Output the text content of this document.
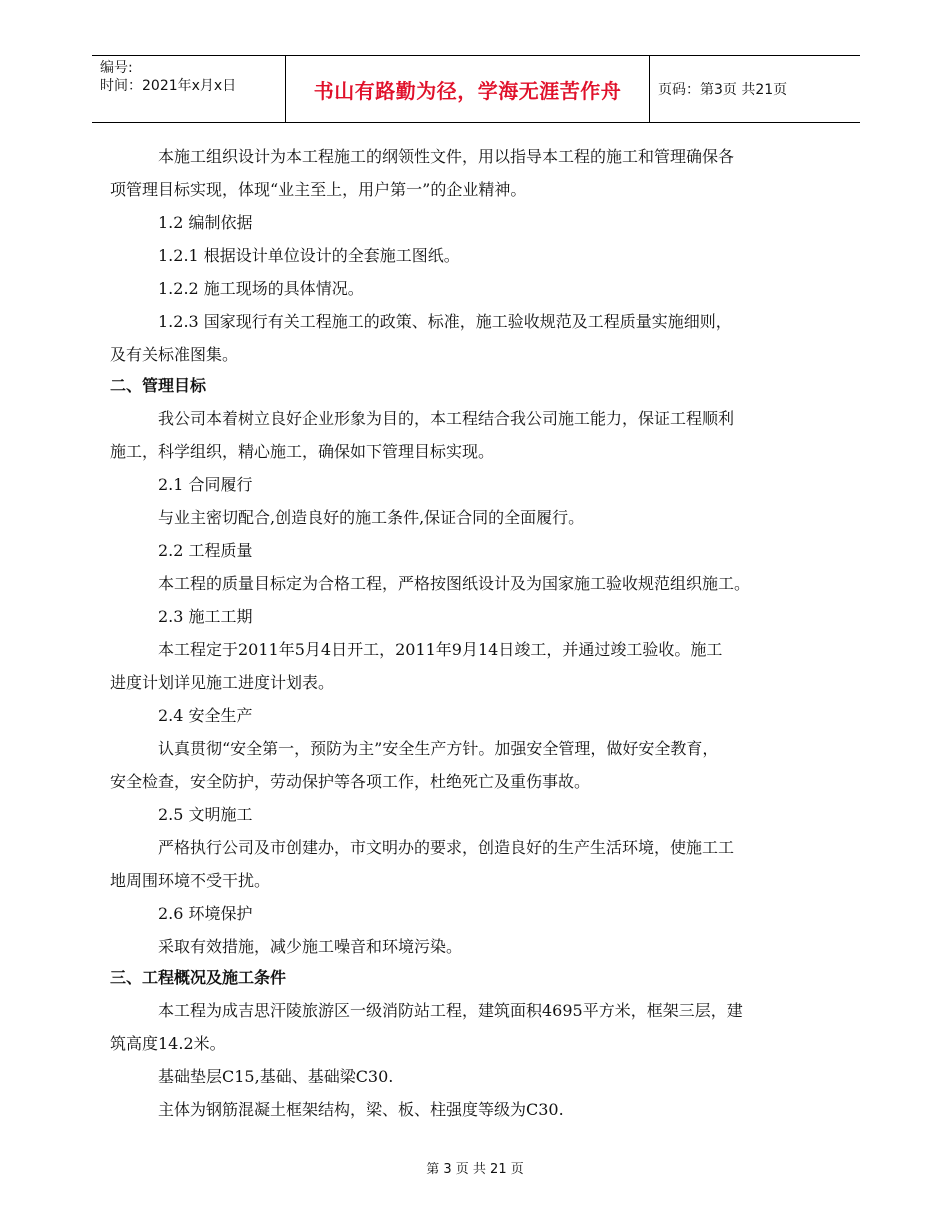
编号:
时间：2021年x月x日	书山有路勤为径，学海无涯苦作舟	页码：第3页 共21页
本施工组织设计为本工程施工的纲领性文件，用以指导本工程的施工和管理确保各
项管理目标实现，体现“业主至上，用户第一”的企业精神。
1.2 编制依据
1.2.1 根据设计单位设计的全套施工图纸。
1.2.2 施工现场的具体情况。
1.2.3 国家现行有关工程施工的政策、标准，施工验收规范及工程质量实施细则，
及有关标准图集。
二、管理目标
我公司本着树立良好企业形象为目的，本工程结合我公司施工能力，保证工程顺利
施工，科学组织，精心施工，确保如下管理目标实现。
2.1 合同履行
与业主密切配合,创造良好的施工条件,保证合同的全面履行。
2.2 工程质量
本工程的质量目标定为合格工程，严格按图纸设计及为国家施工验收规范组织施工。
2.3 施工工期
本工程定于2011年5月4日开工，2011年9月14日竣工，并通过竣工验收。施工
进度计划详见施工进度计划表。
2.4 安全生产
认真贯彻“安全第一，预防为主”安全生产方针。加强安全管理，做好安全教育，
安全检查，安全防护，劳动保护等各项工作，杜绝死亡及重伤事故。
2.5 文明施工
严格执行公司及市创建办，市文明办的要求，创造良好的生产生活环境，使施工工
地周围环境不受干扰。
2.6 环境保护
采取有效措施，减少施工噪音和环境污染。
三、工程概况及施工条件
本工程为成吉思汗陵旅游区一级消防站工程，建筑面积4695平方米，框架三层，建
筑高度14.2米。
基础垫层C15,基础、基础梁C30.
主体为钢筋混凝土框架结构，梁、板、柱强度等级为C30.
第 3 页 共 21 页
